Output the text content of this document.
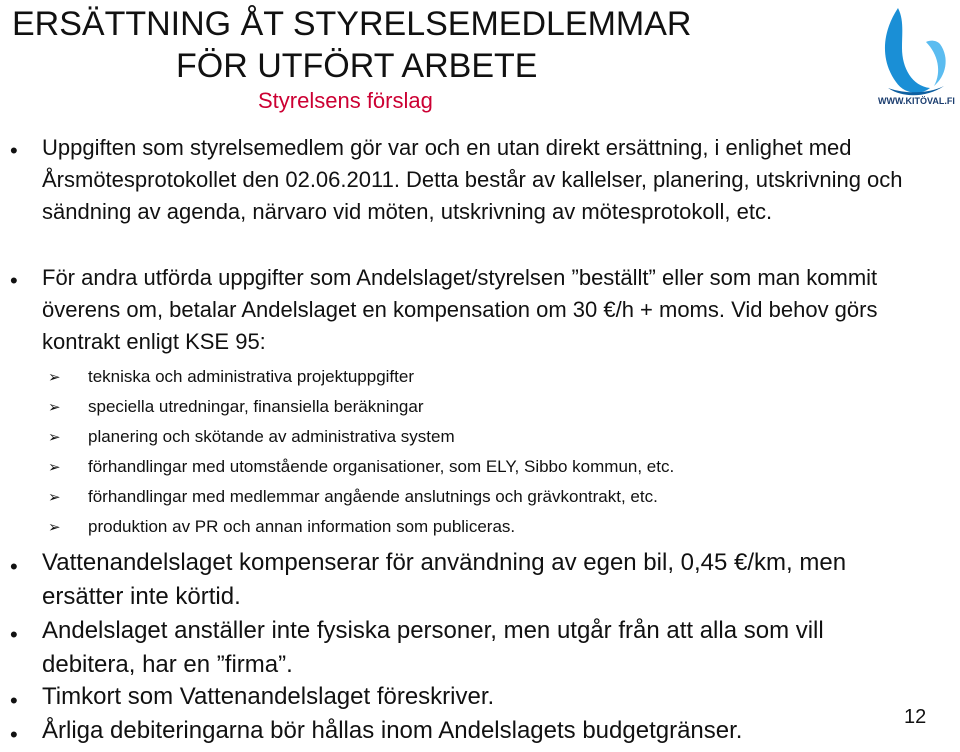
ERSÄTTNING ÅT STYRELSEMEDLEMMAR
FÖR UTFÖRT ARBETE
Styrelsens förslag	WWW.KITÖVAL.FI
• Uppgiften som styrelsemedlem gör var och en utan direkt ersättning, i enlighet med Årsmötesprotokollet den 02.06.2011. Detta består av kallelser, planering, utskrivning och sändning av agenda, närvaro vid möten, utskrivning av mötesprotokoll, etc.
• För andra utförda uppgifter som Andelslaget/styrelsen ”beställt” eller som man kommit överens om, betalar Andelslaget en kompensation om 30 €/h + moms. Vid behov görs kontrakt enligt KSE 95:
➢ tekniska och administrativa projektuppgifter
➢ speciella utredningar, finansiella beräkningar
➢ planering och skötande av administrativa system
➢ förhandlingar med utomstående organisationer, som ELY, Sibbo kommun, etc.
➢ förhandlingar med medlemmar angående anslutnings och grävkontrakt, etc.
➢ produktion av PR och annan information som publiceras.
• Vattenandelslaget kompenserar för användning av egen bil, 0,45 €/km, men ersätter inte körtid.
• Andelslaget anställer inte fysiska personer, men utgår från att alla som vill debitera, har en ”firma”.
• Timkort som Vattenandelslaget föreskriver.
• Årliga debiteringarna bör hållas inom Andelslagets budgetgränser.	12
